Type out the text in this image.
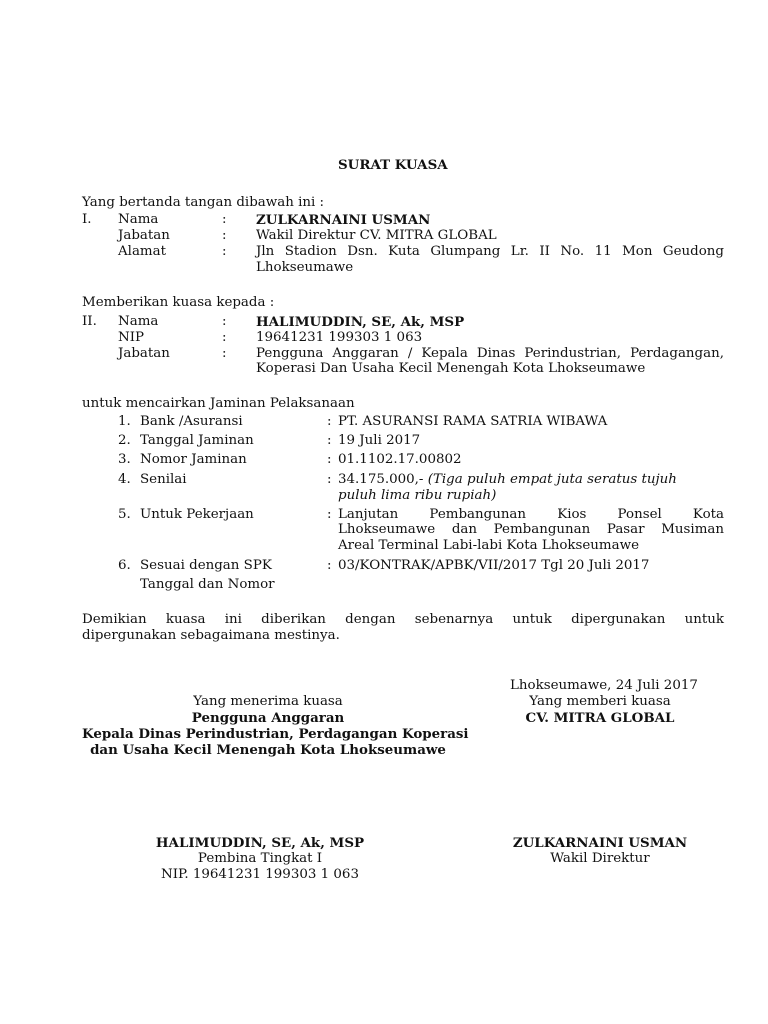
SURAT KUASA
Yang bertanda tangan dibawah ini :
I. Nama	: ZULKARNAINI USMAN
Jabatan	: Wakil Direktur CV. MITRA GLOBAL
Alamat	: Jln Stadion Dsn. Kuta Glumpang Lr. II No. 11 Mon Geudong
Lhokseumawe
Memberikan kuasa kepada :
II. Nama	: HALIMUDDIN, SE, Ak, MSP
NIP	: 19641231 199303 1 063
Jabatan	: Pengguna Anggaran / Kepala Dinas Perindustrian, Perdagangan,
Koperasi Dan Usaha Kecil Menengah Kota Lhokseumawe
untuk mencairkan Jaminan Pelaksanaan
1. Bank /Asuransi	: PT. ASURANSI RAMA SATRIA WIBAWA
2. Tanggal Jaminan	: 19 Juli 2017
3. Nomor Jaminan	: 01.1102.17.00802
4. Senilai	: 34.175.000,- (Tiga puluh empat juta seratus tujuh
puluh lima ribu rupiah)
5. Untuk Pekerjaan	: Lanjutan Pembangunan Kios Ponsel Kota
Lhokseumawe dan Pembangunan Pasar Musiman
Areal Terminal Labi-labi Kota Lhokseumawe
6. Sesuai dengan SPK	: 03/KONTRAK/APBK/VII/2017 Tgl 20 Juli 2017
Tanggal dan Nomor
Demikian kuasa ini diberikan dengan sebenarnya untuk dipergunakan untuk
dipergunakan sebagaimana mestinya.
Lhokseumawe, 24 Juli 2017
Yang memberi kuasa
CV. MITRA GLOBAL
Yang menerima kuasa
Pengguna Anggaran
Kepala Dinas Perindustrian, Perdagangan Koperasi
dan Usaha Kecil Menengah Kota Lhokseumawe
HALIMUDDIN, SE, Ak, MSP
Pembina Tingkat I
NIP. 19641231 199303 1 063
ZULKARNAINI USMAN
Wakil Direktur
